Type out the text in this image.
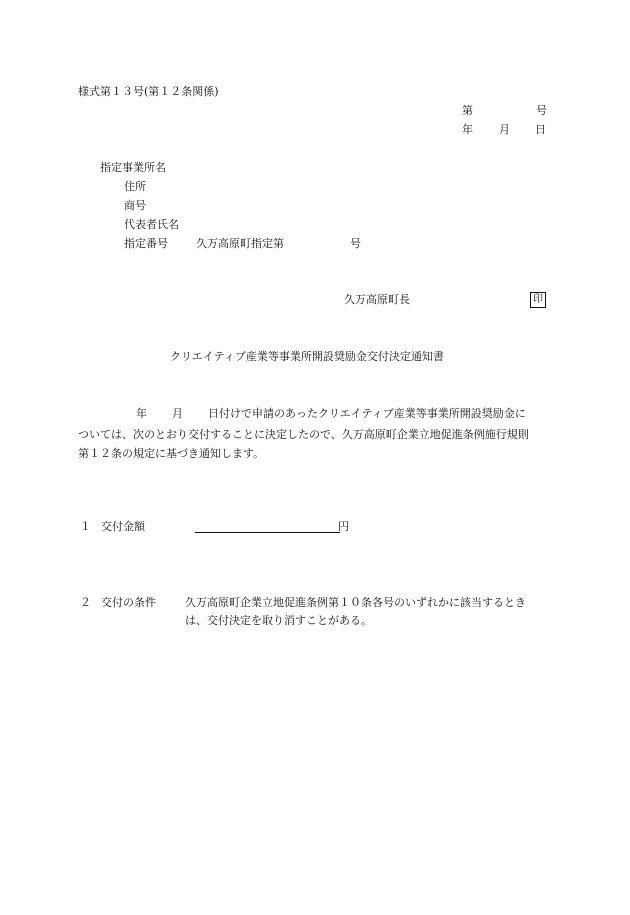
様式第１３号(第１２条関係)
第	号
年 月 日
指定事業所名
住所
商号
代表者氏名
指定番号	久万高原町指定第	号
久万高原町長	印
クリエイティブ産業等事業所開設奨励金交付決定通知書
年 月 日付けで申請のあったクリエイティブ産業等事業所開設奨励金に
ついては、次のとおり交付することに決定したので、久万高原町企業立地促進条例施行規則
第１２条の規定に基づき通知します。
１ 交付金額	円
２ 交付の条件	久万高原町企業立地促進条例第１０条各号のいずれかに該当するとき
は、交付決定を取り消すことがある。
